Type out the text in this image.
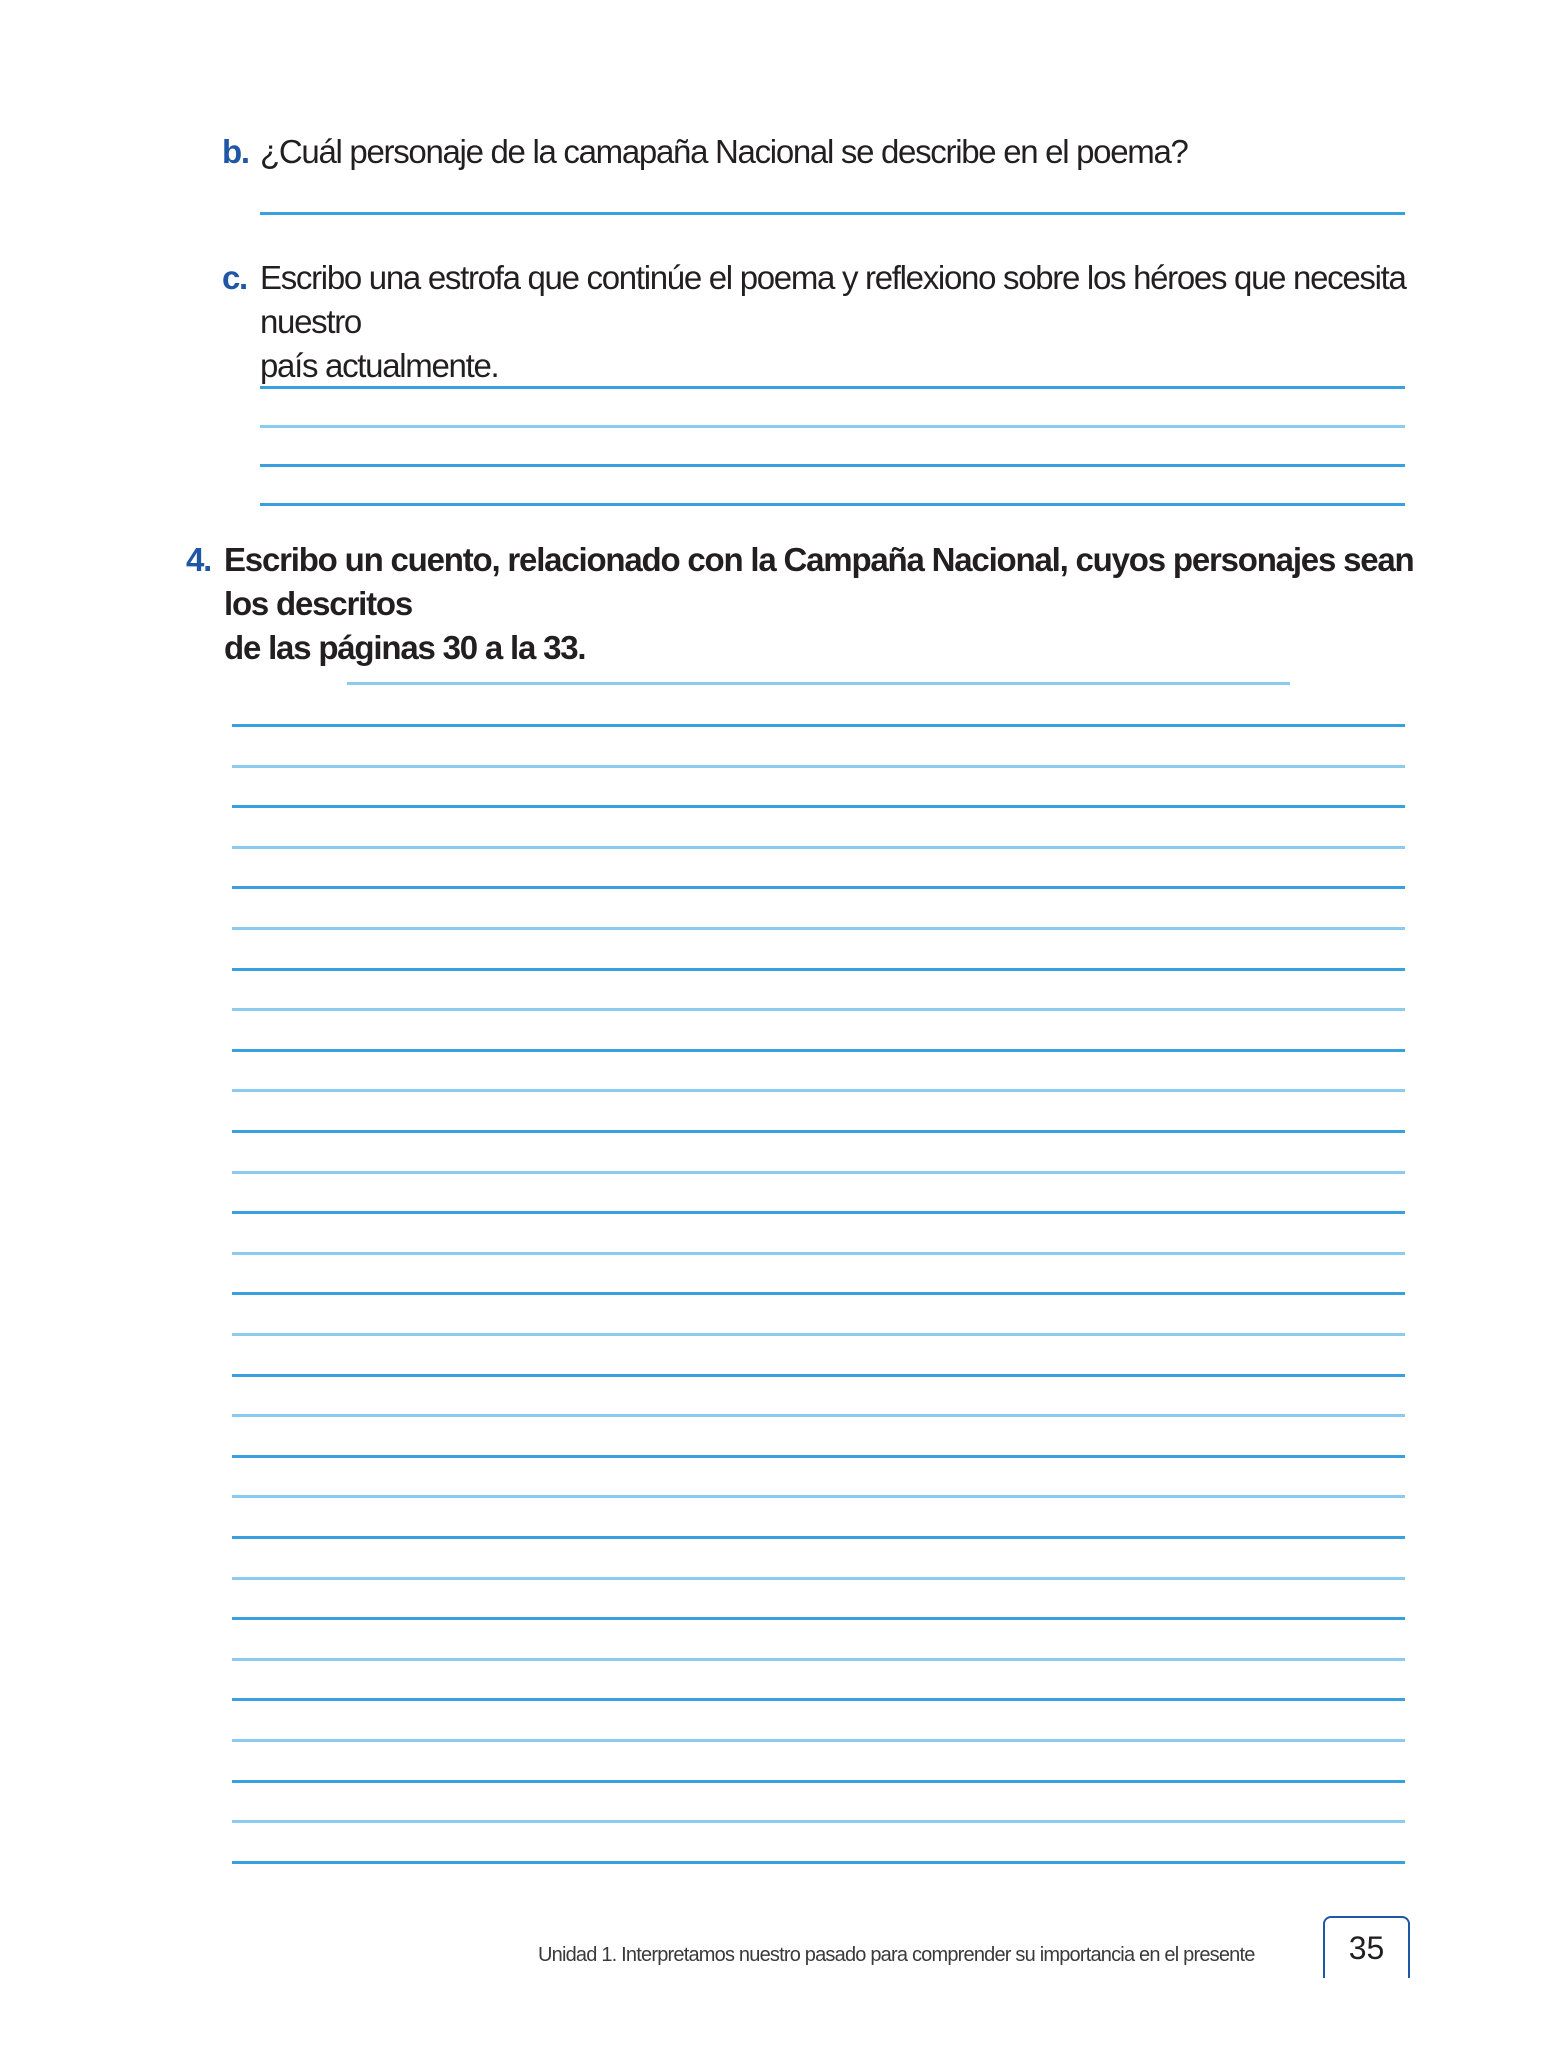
b. ¿Cuál personaje de la camapaña Nacional se describe en el poema?
c. Escribo una estrofa que continúe el poema y reflexiono sobre los héroes que necesita nuestro
país actualmente.
4. Escribo un cuento, relacionado con la Campaña Nacional, cuyos personajes sean los descritos
de las páginas 30 a la 33.
Unidad 1. Interpretamos nuestro pasado para comprender su importancia en el presente	35
